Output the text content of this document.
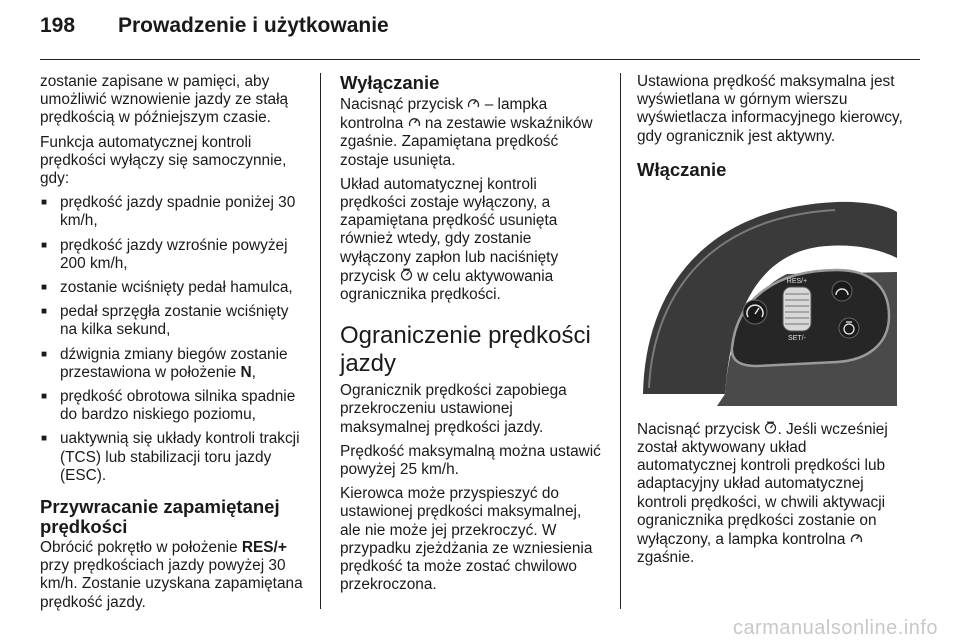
198	Prowadzenie i użytkowanie

zostanie zapisane w pamięci, aby umożliwić wznowienie jazdy ze stałą prędkością w późniejszym czasie.

Funkcja automatycznej kontroli prędkości wyłączy się samoczynnie, gdy:

■ prędkość jazdy spadnie poniżej 30 km/h,
■ prędkość jazdy wzrośnie powyżej 200 km/h,
■ zostanie wciśnięty pedał hamulca,
■ pedał sprzęgła zostanie wciśnięty na kilka sekund,
■ dźwignia zmiany biegów zostanie przestawiona w położenie N,
■ prędkość obrotowa silnika spadnie do bardzo niskiego poziomu,
■ uaktywnią się układy kontroli trakcji (TCS) lub stabilizacji toru jazdy (ESC).
Przywracanie zapamiętanej prędkości

Obrócić pokrętło w położenie RES/+ przy prędkościach jazdy powyżej 30 km/h. Zostanie uzyskana zapamiętana prędkość jazdy.

Wyłączanie

Nacisnąć przycisk – lampka kontrolna na zestawie wskaźników zgaśnie. Zapamiętana prędkość zostaje usunięta.

Układ automatycznej kontroli prędkości zostaje wyłączony, a zapamiętana prędkość usunięta również wtedy, gdy zostanie wyłączony zapłon lub naciśnięty przycisk w celu aktywowania ogranicznika prędkości.

Ograniczenie prędkości jazdy

Ogranicznik prędkości zapobiega przekroczeniu ustawionej maksymalnej prędkości jazdy.

Prędkość maksymalną można ustawić powyżej 25 km/h.

Kierowca może przyspieszyć do ustawionej prędkości maksymalnej, ale nie może jej przekroczyć. W przypadku zjeżdżania ze wzniesienia prędkość ta może zostać chwilowo przekroczona.

Ustawiona prędkość maksymalna jest wyświetlana w górnym wierszu wyświetlacza informacyjnego kierowcy, gdy ogranicznik jest aktywny.

Włączanie
RES/+
SET/-

Nacisnąć przycisk . Jeśli wcześniej został aktywowany układ automatycznej kontroli prędkości lub adaptacyjny układ automatycznej kontroli prędkości, w chwili aktywacji ogranicznika prędkości zostanie on wyłączony, a lampka kontrolna  zgaśnie.

carmanualsonline.info
